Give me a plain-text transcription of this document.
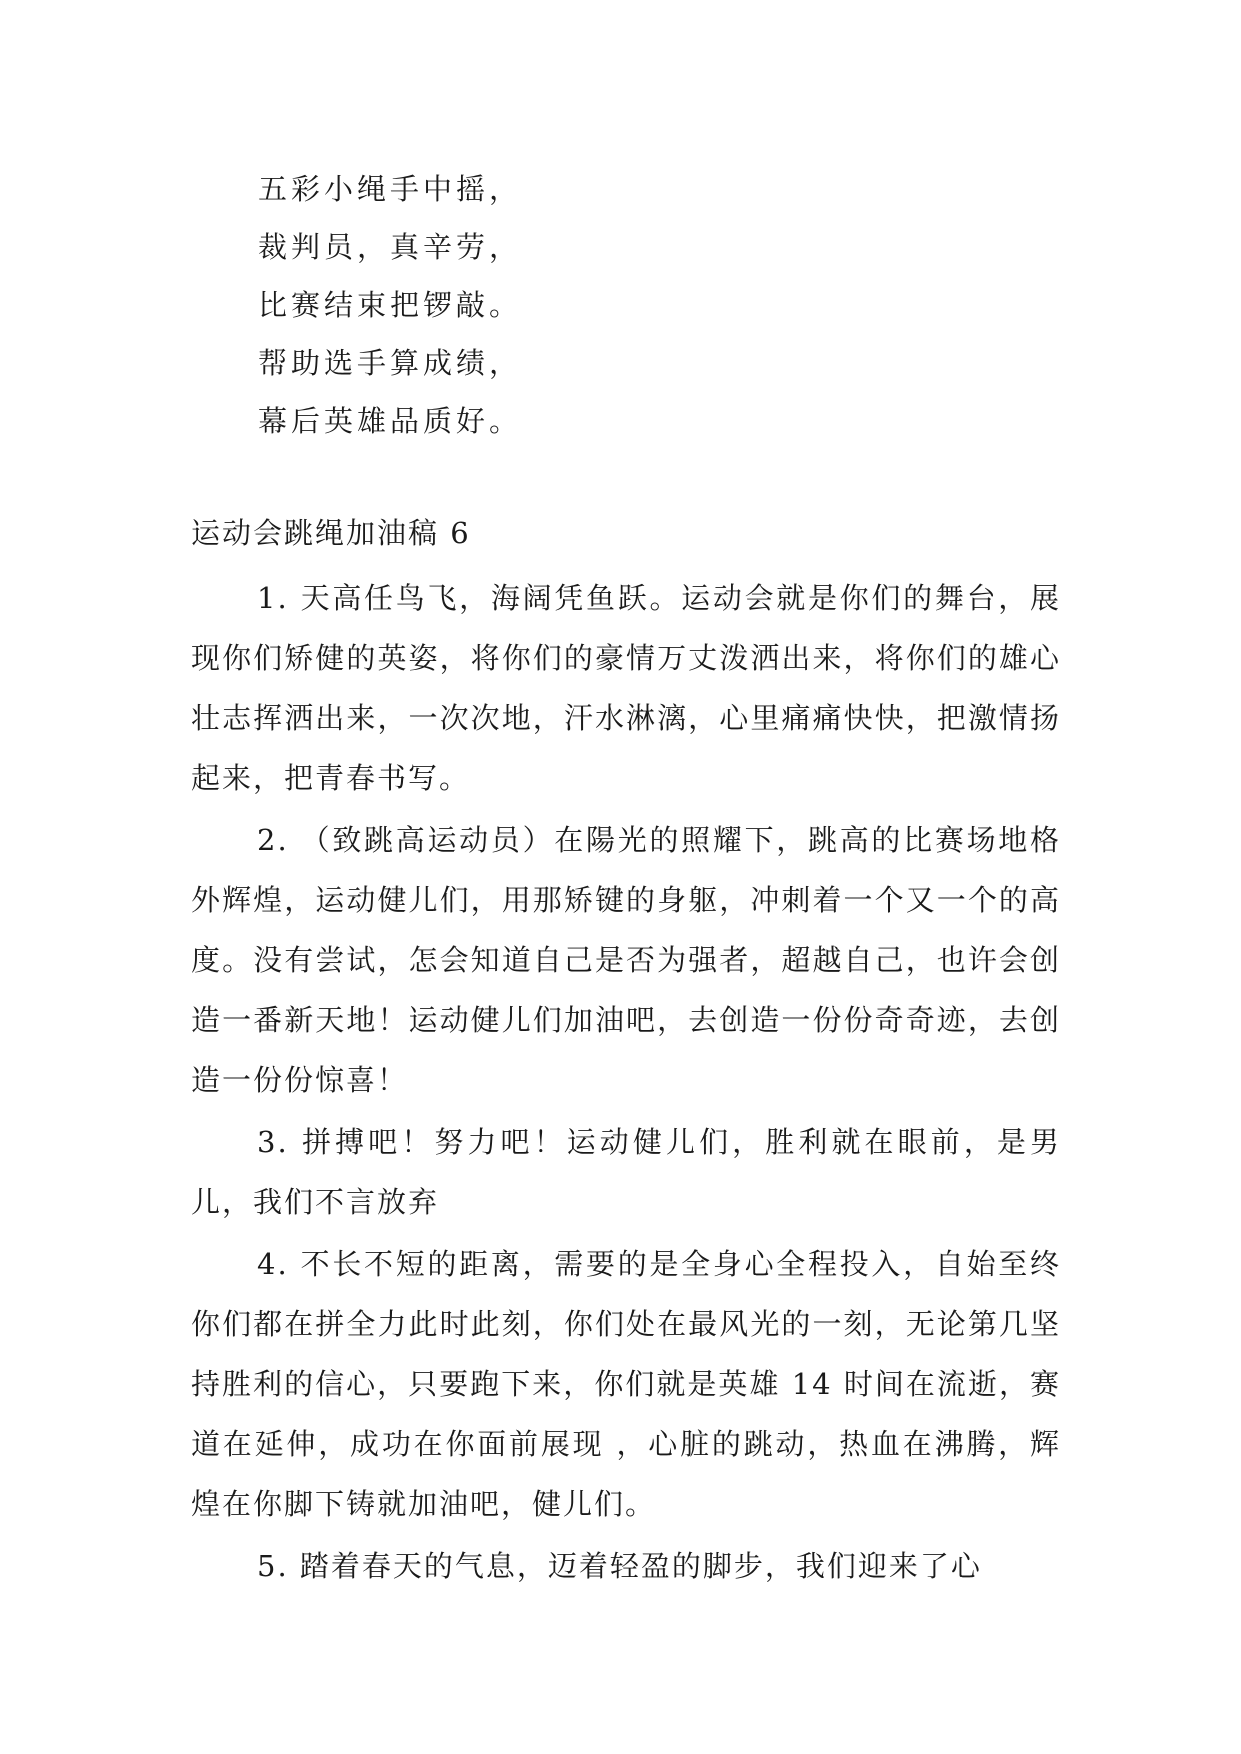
五彩小绳手中摇，
裁判员，真辛劳，
比赛结束把锣敲。
帮助选手算成绩，
幕后英雄品质好。
运动会跳绳加油稿 6

1. 天高任鸟飞，海阔凭鱼跃。运动会就是你们的舞台，展现你们矫健的英姿，将你们的豪情万丈泼洒出来，将你们的雄心壮志挥洒出来，一次次地，汗水淋漓，心里痛痛快快，把激情扬起来，把青春书写。

2. （致跳高运动员）在陽光的照耀下，跳高的比赛场地格外辉煌，运动健儿们，用那矫键的身躯，冲刺着一个又一个的高度。没有尝试，怎会知道自己是否为强者，超越自己，也许会创造一番新天地！运动健儿们加油吧，去创造一份份奇奇迹，去创造一份份惊喜！

3. 拼搏吧！努力吧！运动健儿们，胜利就在眼前，是男儿，我们不言放弃

4. 不长不短的距离，需要的是全身心全程投入，自始至终你们都在拼全力此时此刻，你们处在最风光的一刻，无论第几坚持胜利的信心，只要跑下来，你们就是英雄 14 时间在流逝，赛道在延伸，成功在你面前展现 ，心脏的跳动，热血在沸腾，辉煌在你脚下铸就加油吧，健儿们。

5. 踏着春天的气息，迈着轻盈的脚步，我们迎来了心
